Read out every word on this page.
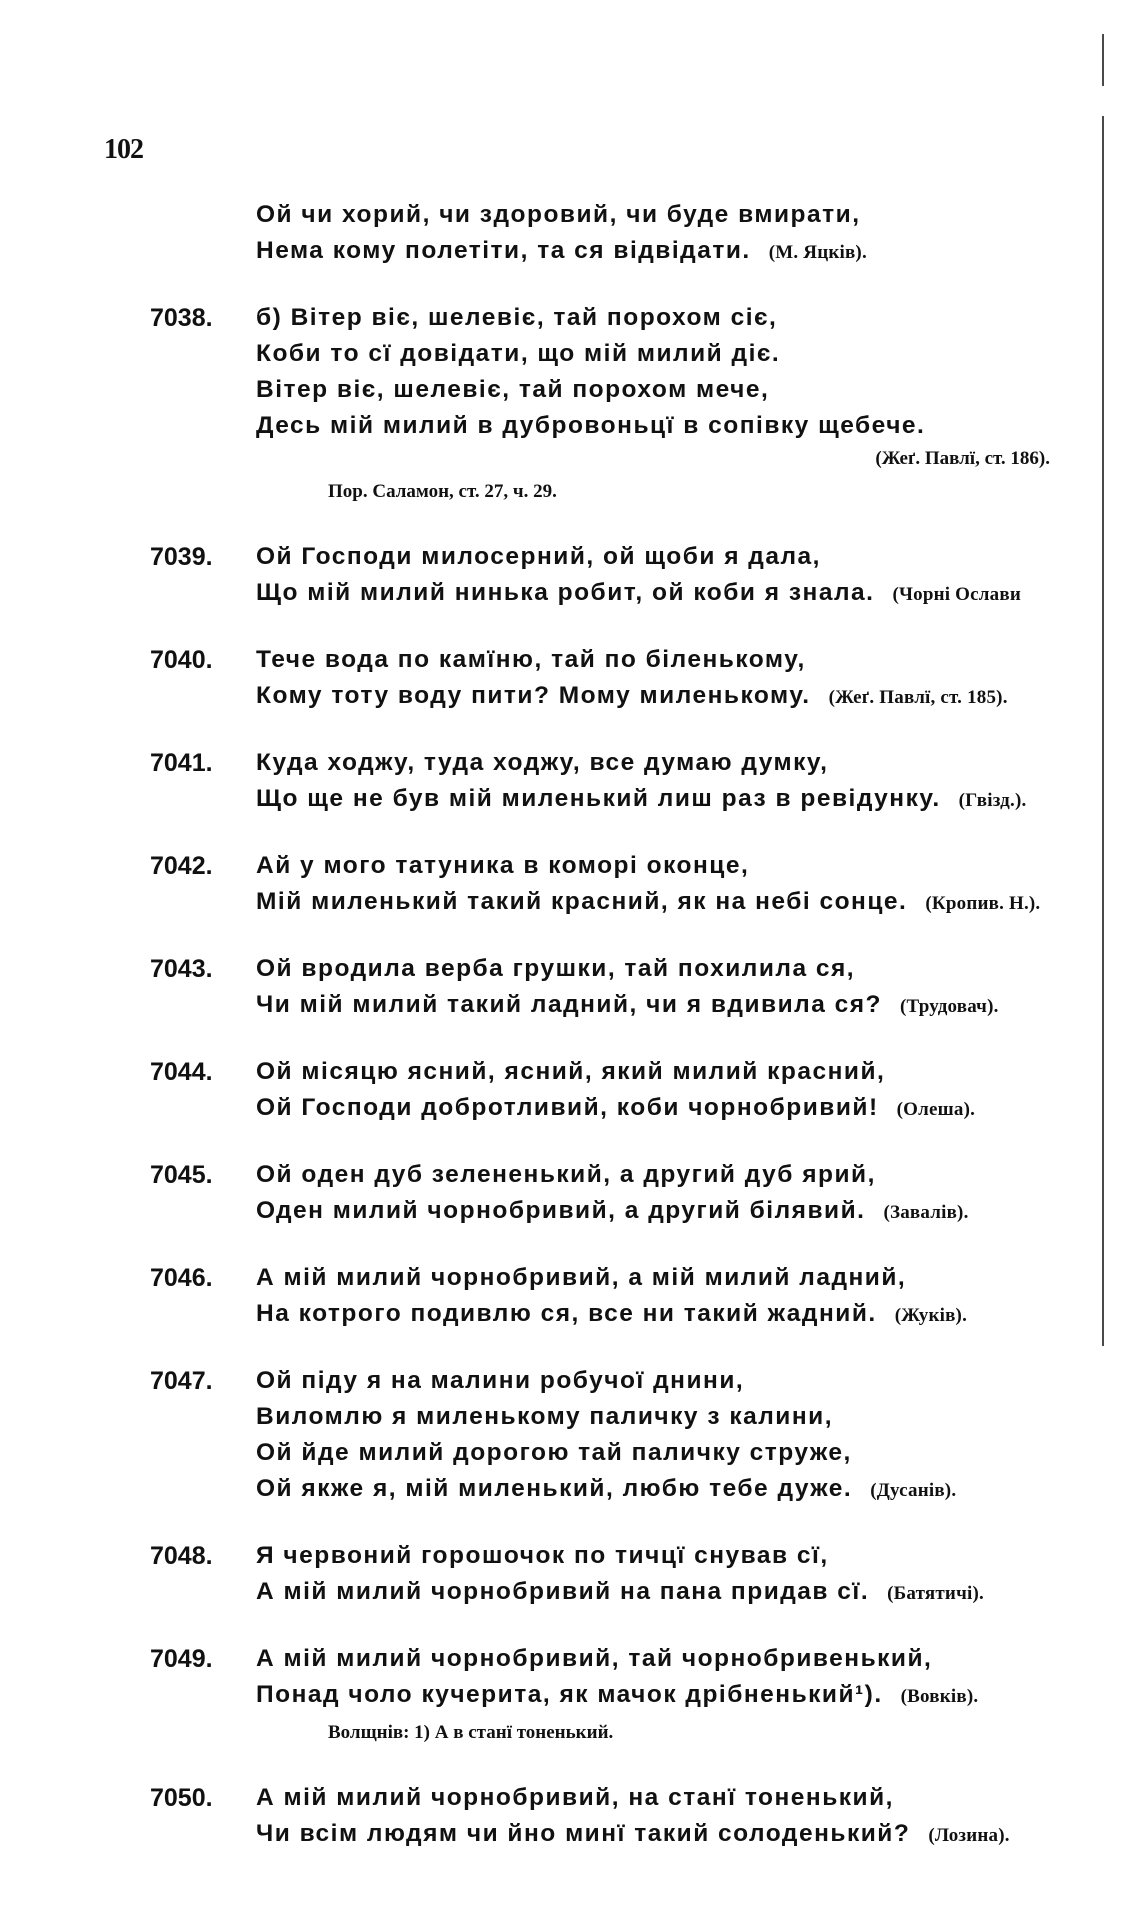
102
Ой чи хорий, чи здоровий, чи буде вмирати,
Нема кому полетіти, та ся відвідати. (М. Яцків).
7038. б) Вітер віє, шелевіє, тай порохом сіє,
Коби то сї довідати, що мій милий діє.
Вітер віє, шелевіє, тай порохом мече,
Десь мій милий в дубровоньцї в сопівку щебече.
(Жеґ. Павлї, ст. 186).
Пор. Саламон, ст. 27, ч. 29.
7039. Ой Господи милосерний, ой щоби я дала,
Що мій милий нинька робит, ой коби я знала. (Чорні Ослави
7040. Тече вода по камїню, тай по біленькому,
Кому тоту воду пити? Мому миленькому. (Жеґ. Павлї, ст. 185).
7041. Куда ходжу, туда ходжу, все думаю думку,
Що ще не був мій миленький лиш раз в ревідунку. (Гвізд.).
7042. Ай у мого татуника в коморі оконце,
Мій миленький такий красний, як на небі сонце. (Кропив. Н.).
7043. Ой вродила верба грушки, тай похилила ся,
Чи мій милий такий ладний, чи я вдивила ся? (Трудовач).
7044. Ой місяцю ясний, ясний, який милий красний,
Ой Господи добротливий, коби чорнобривий! (Олеша).
7045. Ой оден дуб зелененький, а другий дуб ярий,
Оден милий чорнобривий, а другий білявий. (Завалів).
7046. А мій милий чорнобривий, а мій милий ладний,
На котрого подивлю ся, все ни такий жадний. (Жуків).
7047. Ой піду я на малини робучої днини,
Виломлю я миленькому паличку з калини,
Ой йде милий дорогою тай паличку струже,
Ой якже я, мій миленький, любю тебе дуже. (Дусанів).
7048. Я червоний горошочок по тичцї снував сї,
А мій милий чорнобривий на пана придав сї. (Батятичі).
7049. А мій милий чорнобривий, тай чорнобривенький,
Понад чоло кучерита, як мачок дрібненький¹). (Вовків).
Волщнів: 1) А в станї тоненький.
7050. А мій милий чорнобривий, на станї тоненький,
Чи всім людям чи йно минї такий солоденький? (Лозина).
